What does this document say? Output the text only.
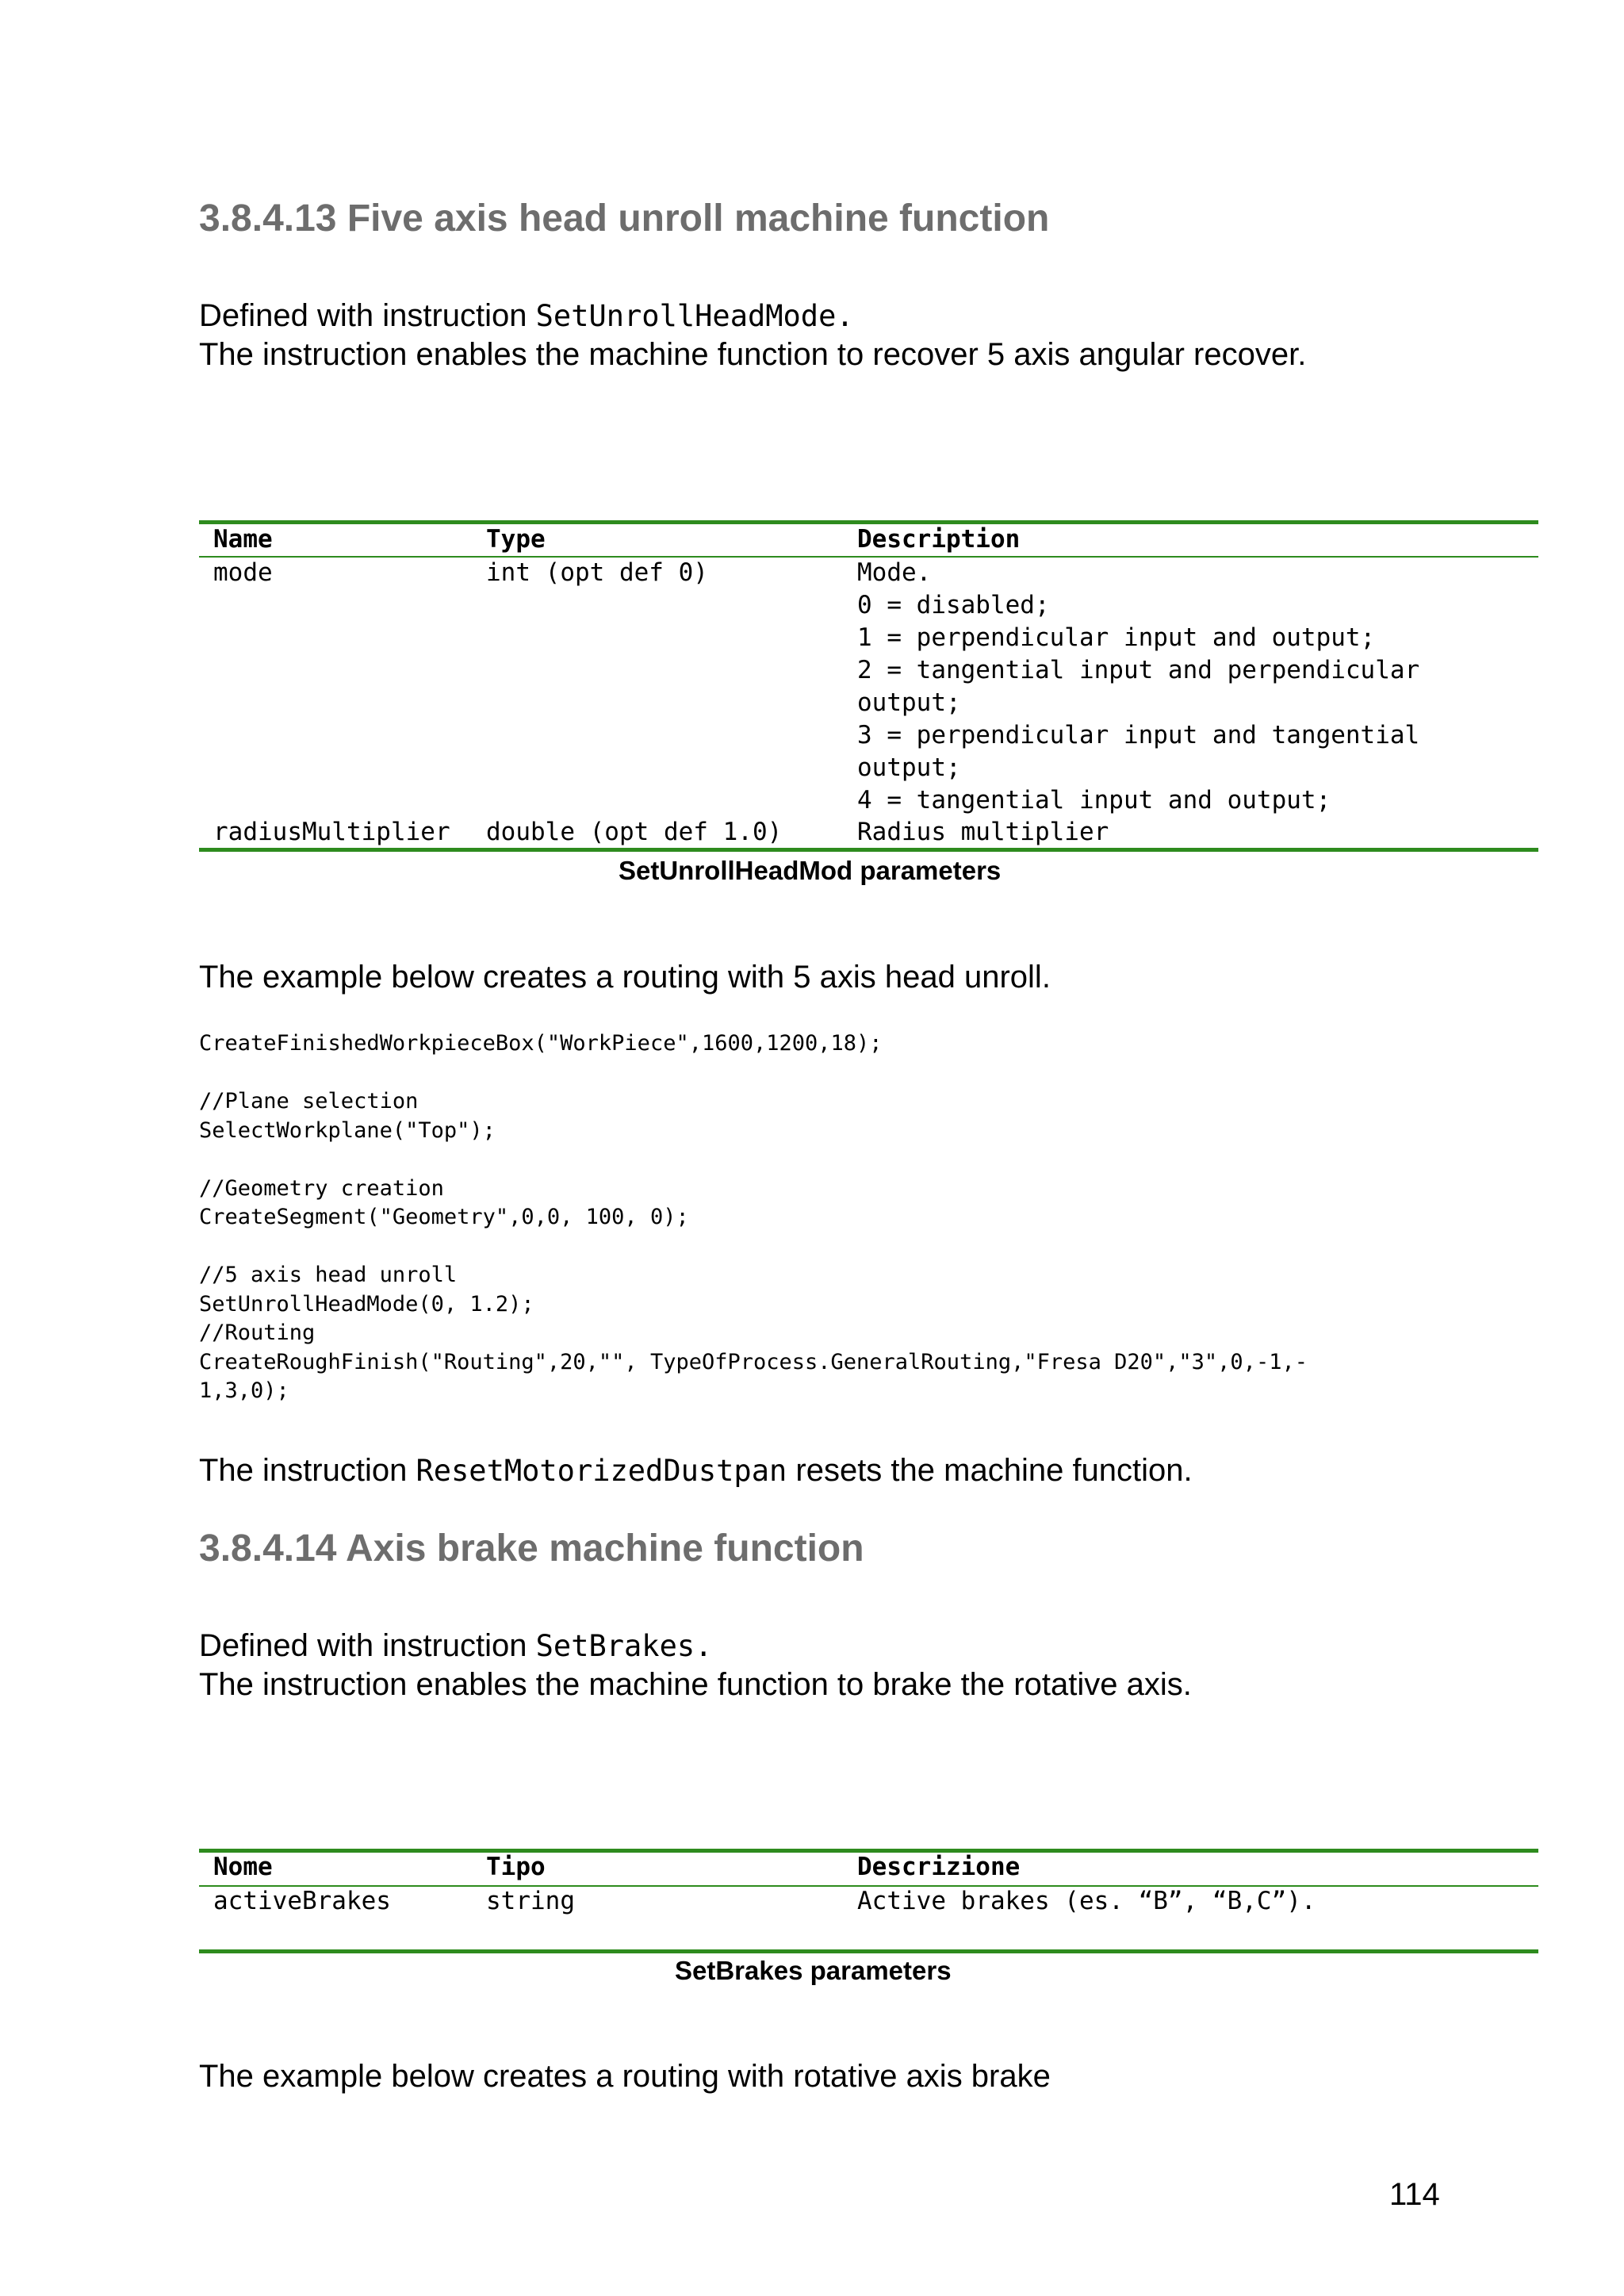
3.8.4.13 Five axis head unroll machine function
Defined with instruction SetUnrollHeadMode.
The instruction enables the machine function to recover 5 axis angular recover.
Name	Type	Description
mode	int (opt def 0)	Mode.
0 = disabled;
1 = perpendicular input and output;
2 = tangential input and perpendicular
output;
3 = perpendicular input and tangential
output;
4 = tangential input and output;
radiusMultiplier double (opt def 1.0)	Radius multiplier
SetUnrollHeadMod parameters
The example below creates a routing with 5 axis head unroll.
CreateFinishedWorkpieceBox("WorkPiece",1600,1200,18);
//Plane selection
SelectWorkplane("Top");
//Geometry creation
CreateSegment("Geometry",0,0, 100, 0);
//5 axis head unroll
SetUnrollHeadMode(0, 1.2);
//Routing
CreateRoughFinish("Routing",20,"", TypeOfProcess.GeneralRouting,"Fresa D20","3",0,-1,-
1,3,0);
The instruction ResetMotorizedDustpan resets the machine function.
3.8.4.14 Axis brake machine function
Defined with instruction SetBrakes.
The instruction enables the machine function to brake the rotative axis.
Nome	Tipo	Descrizione
activeBrakes	string	Active brakes (es. “B”, “B,C”).
SetBrakes parameters
The example below creates a routing with rotative axis brake
114
